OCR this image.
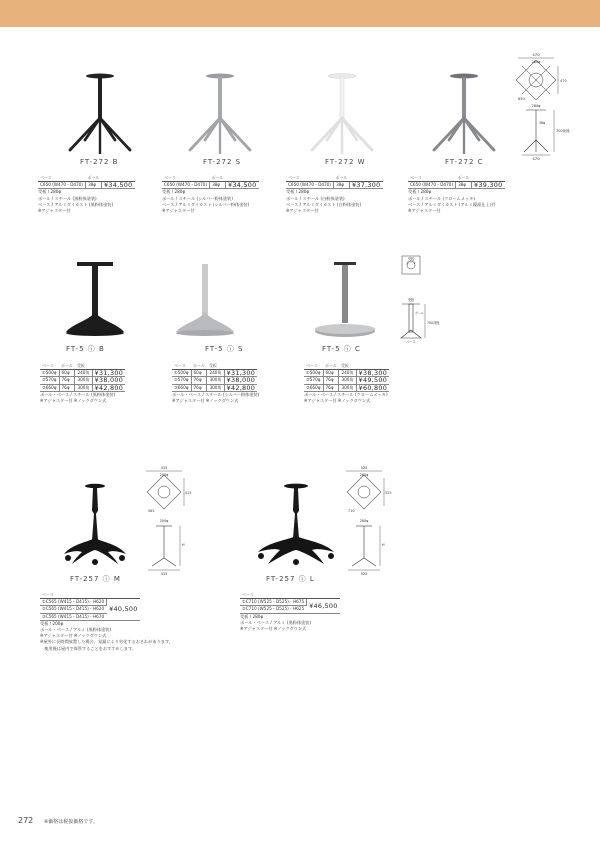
FT-272 B	FT-272 S	FT-272 W	FT-272 C
ベース	ポール	
C650 (W470・D470)	38φ	¥34,500
受板 / 280φ
ポール / スチール (黒粉体塗装)
ベース / アルミダイカスト (黒粉体塗装)
※アジャスター付
ベース	ポール	
C650 (W470・D470)	38φ	¥34,500
受板 / 280φ
ポール / スチール (シルバー粉体塗装)
ベース / アルミダイカスト (シルバー粉体塗装)
※アジャスター付
ベース	ポール	
C650 (W470・D470)	38φ	¥37,300
受板 / 280φ
ポール / スチール (白粉体塗装)
ベース / アルミダイカスト (白粉体塗装)
※アジャスター付
ベース	ポール	
C650 (W470・D470)	38φ	¥39,300
受板 / 280φ
ポール / スチール (クロームメッキ)
ベース / アルミダイカスト (アルミ鏡面仕上げ)
※アジャスター付
470
280φ
470
650
280φ
38φ
700前後
470
FT-5 ⓘ B	FT-5 ⓘ S	FT-5 ⓘ C
ベース	ポール	受板	
①500φ	60φ	240角	¥31,300
②570φ	76φ	300角	¥38,000
③660φ	76φ	300角	¥42,800
ポール・ベース / スチール (黒粉体塗装)
※アジャスター付 ※ノックダウン式
ベース	ポール	受板	
①500φ	60φ	240角	¥31,300
②570φ	76φ	300角	¥38,000
③660φ	76φ	300角	¥42,800
ポール・ベース / スチール (シルバー粉体塗装)
※アジャスター付 ※ノックダウン式
ベース	ポール	受板	
①500φ	60φ	240角	¥38,300
②570φ	76φ	300角	¥49,500
③660φ	76φ	300角	¥60,800
ポール・ベース / スチール (クロームメッキ)
※アジャスター付 ※ノックダウン式
受板
ポール
受板
ポール
700前後
ベース
415
200φ
415
565
200φ
H
415
525
280φ
525
710
280φ
H
525
FT-257 ⓘ M	FT-257 ⓘ L
ベース	
①C565 (W415・D415)・H620	¥40,500
②C565 (W415・D415)・H620	
③C565 (W415・D415)・H670	
受板 / 200φ
ポール・ベース / アルミ (黒粉体塗装)
※アジャスター付 ※ノックダウン式
※屋外に長時間放置した場合、発錆により劣化するおそれがあります。
　使用後は屋内で保管することをおすすめします。
ベース	
①C710 (W525・D525)・H675	¥46,500
②C710 (W525・D525)・H625	
受板 / 280φ
ポール・ベース / アルミ (黒粉体塗装)
※アジャスター付 ※ノックダウン式
272 ※価格は税抜価格です。
